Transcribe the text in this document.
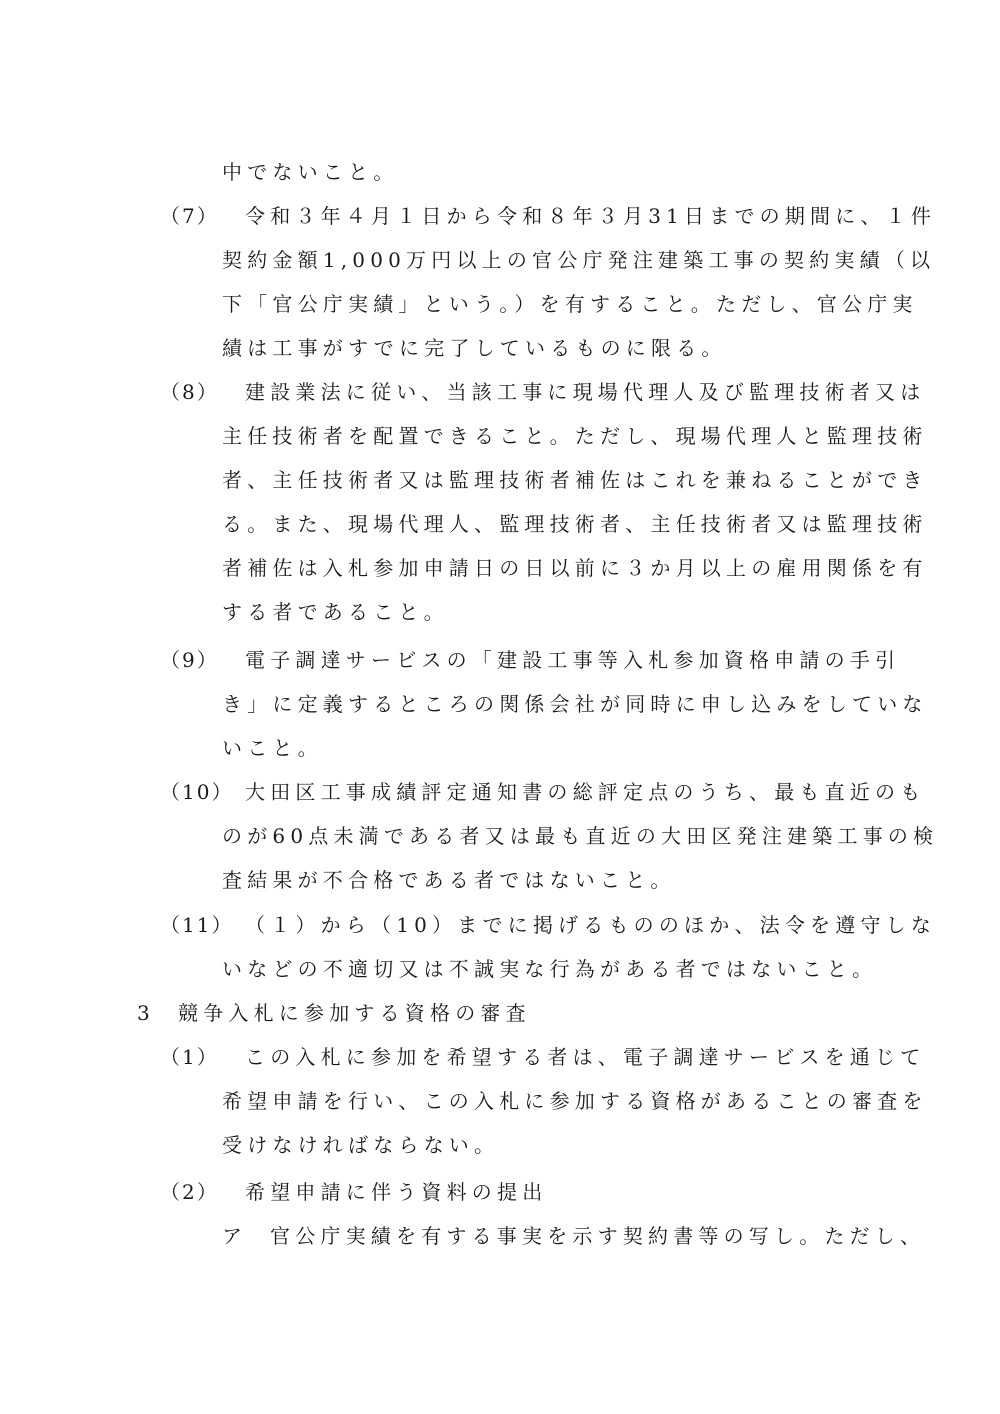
中でないこと。
（7） 令和３年４月１日から令和８年３月31日までの期間に、１件
契約金額1,000万円以上の官公庁発注建築工事の契約実績（以
下「官公庁実績」という。）を有すること。ただし、官公庁実
績は工事がすでに完了しているものに限る。
（8） 建設業法に従い、当該工事に現場代理人及び監理技術者又は
主任技術者を配置できること。ただし、現場代理人と監理技術
者、主任技術者又は監理技術者補佐はこれを兼ねることができ
る。また、現場代理人、監理技術者、主任技術者又は監理技術
者補佐は入札参加申請日の日以前に３か月以上の雇用関係を有
する者であること。
（9） 電子調達サービスの「建設工事等入札参加資格申請の手引
き」に定義するところの関係会社が同時に申し込みをしていな
いこと。
（10） 大田区工事成績評定通知書の総評定点のうち、最も直近のも
のが60点未満である者又は最も直近の大田区発注建築工事の検
査結果が不合格である者ではないこと。
（11） （１）から（10）までに掲げるもののほか、法令を遵守しな
いなどの不適切又は不誠実な行為がある者ではないこと。
3 競争入札に参加する資格の審査
（1） この入札に参加を希望する者は、電子調達サービスを通じて
希望申請を行い、この入札に参加する資格があることの審査を
受けなければならない。
（2） 希望申請に伴う資料の提出
ア 官公庁実績を有する事実を示す契約書等の写し。ただし、
